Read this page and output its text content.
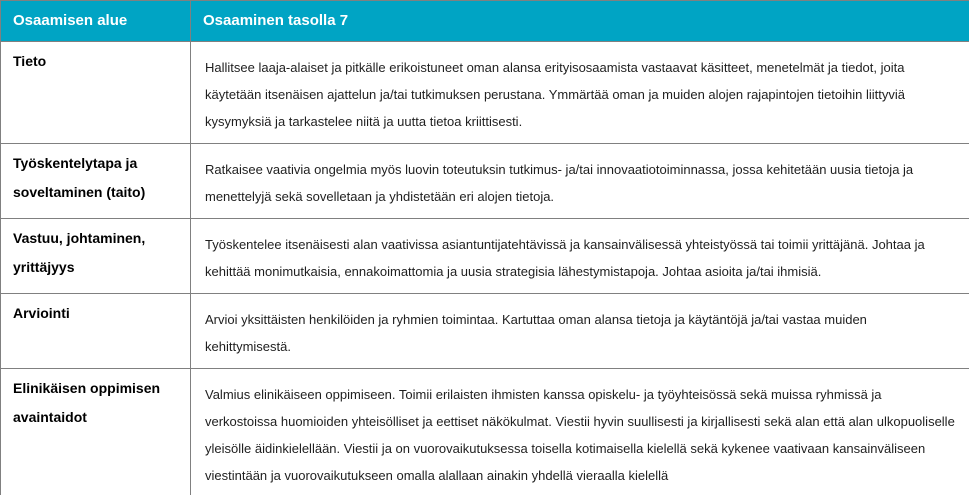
Osaamisen alue	Osaaminen tasolla 7
Tieto	Hallitsee laaja-alaiset ja pitkälle erikoistuneet oman alansa erityisosaamista vastaavat käsitteet, menetelmät ja tiedot, joita käytetään itsenäisen ajattelun ja/tai tutkimuksen perustana. Ymmärtää oman ja muiden alojen rajapintojen tietoihin liittyviä kysymyksiä ja tarkastelee niitä ja uutta tietoa kriittisesti.
Työskentelytapa ja soveltaminen (taito)	Ratkaisee vaativia ongelmia myös luovin toteutuksin tutkimus- ja/tai innovaatiotoiminnassa, jossa kehitetään uusia tietoja ja menettelyjä sekä sovelletaan ja yhdistetään eri alojen tietoja.
Vastuu, johtaminen, yrittäjyys	Työskentelee itsenäisesti alan vaativissa asiantuntijatehtävissä ja kansainvälisessä yhteistyössä tai toimii yrittäjänä. Johtaa ja kehittää monimutkaisia, ennakoimattomia ja uusia strategisia lähestymistapoja. Johtaa asioita ja/tai ihmisiä.
Arviointi	Arvioi yksittäisten henkilöiden ja ryhmien toimintaa. Kartuttaa oman alansa tietoja ja käytäntöjä ja/tai vastaa muiden kehittymisestä.
Elinikäisen oppimisen avaintaidot	Valmius elinikäiseen oppimiseen. Toimii erilaisten ihmisten kanssa opiskelu- ja työyhteisössä sekä muissa ryhmissä ja verkostoissa huomioiden yhteisölliset ja eettiset näkökulmat. Viestii hyvin suullisesti ja kirjallisesti sekä alan että alan ulkopuoliselle yleisölle äidinkielellään. Viestii ja on vuorovaikutuksessa toisella kotimaisella kielellä sekä kykenee vaativaan kansainväliseen viestintään ja vuorovaikutukseen omalla alallaan ainakin yhdellä vieraalla kielellä
